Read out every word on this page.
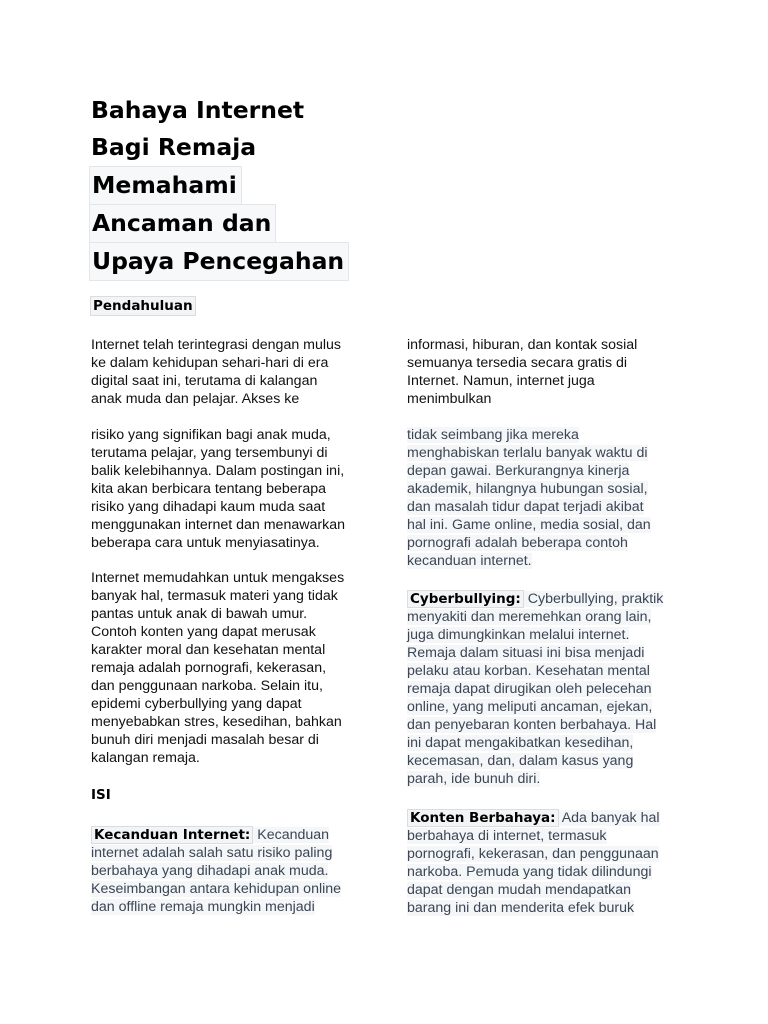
Bahaya Internet
Bagi Remaja
Memahami
Ancaman dan
Upaya Pencegahan
Pendahuluan
Internet telah terintegrasi dengan mulus
ke dalam kehidupan sehari-hari di era
digital saat ini, terutama di kalangan
anak muda dan pelajar. Akses ke
risiko yang signifikan bagi anak muda,
terutama pelajar, yang tersembunyi di
balik kelebihannya. Dalam postingan ini,
kita akan berbicara tentang beberapa
risiko yang dihadapi kaum muda saat
menggunakan internet dan menawarkan
beberapa cara untuk menyiasatinya.
Internet memudahkan untuk mengakses
banyak hal, termasuk materi yang tidak
pantas untuk anak di bawah umur.
Contoh konten yang dapat merusak
karakter moral dan kesehatan mental
remaja adalah pornografi, kekerasan,
dan penggunaan narkoba. Selain itu,
epidemi cyberbullying yang dapat
menyebabkan stres, kesedihan, bahkan
bunuh diri menjadi masalah besar di
kalangan remaja.
ISI
Kecanduan Internet: Kecanduan
internet adalah salah satu risiko paling
berbahaya yang dihadapi anak muda.
Keseimbangan antara kehidupan online
dan offline remaja mungkin menjadi
informasi, hiburan, dan kontak sosial
semuanya tersedia secara gratis di
Internet. Namun, internet juga
menimbulkan
tidak seimbang jika mereka
menghabiskan terlalu banyak waktu di
depan gawai. Berkurangnya kinerja
akademik, hilangnya hubungan sosial,
dan masalah tidur dapat terjadi akibat
hal ini. Game online, media sosial, dan
pornografi adalah beberapa contoh
kecanduan internet.
Cyberbullying: Cyberbullying, praktik
menyakiti dan meremehkan orang lain,
juga dimungkinkan melalui internet.
Remaja dalam situasi ini bisa menjadi
pelaku atau korban. Kesehatan mental
remaja dapat dirugikan oleh pelecehan
online, yang meliputi ancaman, ejekan,
dan penyebaran konten berbahaya. Hal
ini dapat mengakibatkan kesedihan,
kecemasan, dan, dalam kasus yang
parah, ide bunuh diri.
Konten Berbahaya: Ada banyak hal
berbahaya di internet, termasuk
pornografi, kekerasan, dan penggunaan
narkoba. Pemuda yang tidak dilindungi
dapat dengan mudah mendapatkan
barang ini dan menderita efek buruk
